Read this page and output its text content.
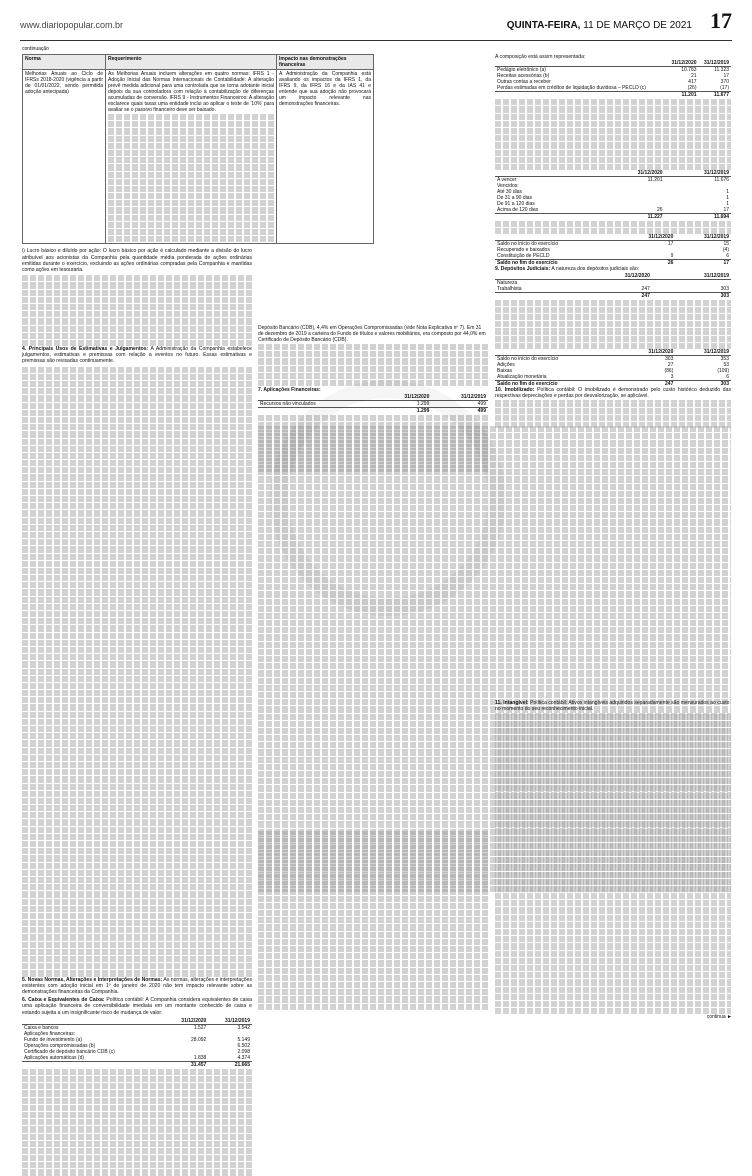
www.diariopopular.com.br	QUINTA-FEIRA, 11 DE MARÇO DE 2021 17
continuação
Norma	Requerimento	Impacto nas demonstrações financeiras
Melhorias Anuais ao Ciclo de IFRSs 2018-2020 (vigência a partir de 01/01/2022, sendo permitida adoção antecipada)	As Melhorias Anuais incluem alterações em quatro normas: IFRS 1 - Adoção Inicial das Normas Internacionais de Contabilidade: A alteração prevê medida adicional para uma controlada que se torna adotante inicial depois da sua controladora com relação à contabilização de diferenças acumuladas de conversão. IFRS 9 - Instrumentos Financeiros: A alteração esclarece quais taxas uma entidade inclui ao aplicar o teste de '10%' para avaliar se o passivo financeiro deve ser baixado.	A Administração da Companhia está avaliando os impactos da IFRS 1, da IFRS 9, da IFRS 16 e da IAS 41 e entende que sua adoção não provocará um impacto relevante nas demonstrações financeiras.

i) Lucro básico e diluído por ação: O lucro básico por ação é calculado mediante a divisão do lucro atribuível aos acionistas da Companhia pela quantidade média ponderada de ações ordinárias emitidas durante o exercício, excluindo as ações ordinárias compradas pela Companhia e mantidas como ações em tesouraria.

4. Principais Usos de Estimativas e Julgamentos: A Administração da Companhia estabelece julgamentos, estimativas e premissas com relação a eventos no futuro. Essas estimativas e premissas são revisadas continuamente.

5. Novas Normas, Alterações e Interpretações de Normas: As normas, alterações e interpretações existentes com adoção inicial em 1º de janeiro de 2020 não tem impacto relevante sobre as demonstrações financeiras da Companhia.

6. Caixa e Equivalentes de Caixa: Política contábil: A Companhia considera equivalentes de caixa uma aplicação financeira de conversibilidade imediata em um montante conhecido de caixa e estando sujeita a um insignificante risco de mudança de valor.

	31/12/2020	31/12/2019
Caixa e bancos	1.527	3.542
Aplicações financeiras:		
Fundo de investimento (a)	28.092	5.149
Operações compromissadas (b)		6.502
Certificado de depósito bancário CDB (c)		2.098
Aplicações automáticas (d)	1.838	4.374
	31.457	21.665

Depósito Bancário (CDB), 4,4% em Operações Compromissadas (vide Nota Explicativa nº 7). Em 31 de dezembro de 2019 a carteira do Fundo de títulos e valores mobiliários, era composto por 44,0% em Certificado de Depósito Bancário (CDB).

7. Aplicações Financeiras:

	31/12/2020	31/12/2019
Recursos não vinculados	1.299	499
	1.299	499
A composição está assim representada:
	31/12/2020	31/12/2019
Pedágio eletrônico (a)	10.783	11.323
Receitas acessórias (b)	21	17
Outras contas a receber	417	370
Perdas estimadas em créditos de liquidação duvidosa – PECLD (c)	(26)	(17)
	11.201	11.677
	31/12/2020	31/12/2019
A vencer	11.201	11.676
Vencidos:		
Até 30 dias		1
De 31 a 90 dias		1
De 91 a 120 dias		1
Acima de 120 dias	26	17
	11.227	11.694
	31/12/2020	31/12/2019
Saldo no início do exercício	17	15
Recuperado e baixados		(4)
Constituição de PECLD	9	6
Saldo no fim do exercício	26	17
9. Depósitos Judiciais: A natureza dos depósitos judiciais são:
	31/12/2020	31/12/2019
Natureza		
Trabalhista	247	303
	247	303
	31/12/2020	31/12/2019
Saldo no início do exercício	303	353
Adições	27	53
Baixas	(86)	(109)
Atualização monetária	3	6
Saldo no fim do exercício	247	303
10. Imobilizado: Política contábil: O imobilizado é demonstrado pelo custo histórico deduzido das respectivas depreciações e perdas por desvalorização, se aplicável.
11. Intangível: Política contábil: Ativos intangíveis adquiridos separadamente são mensurados ao custo no momento do seu reconhecimento inicial.
continua ►
